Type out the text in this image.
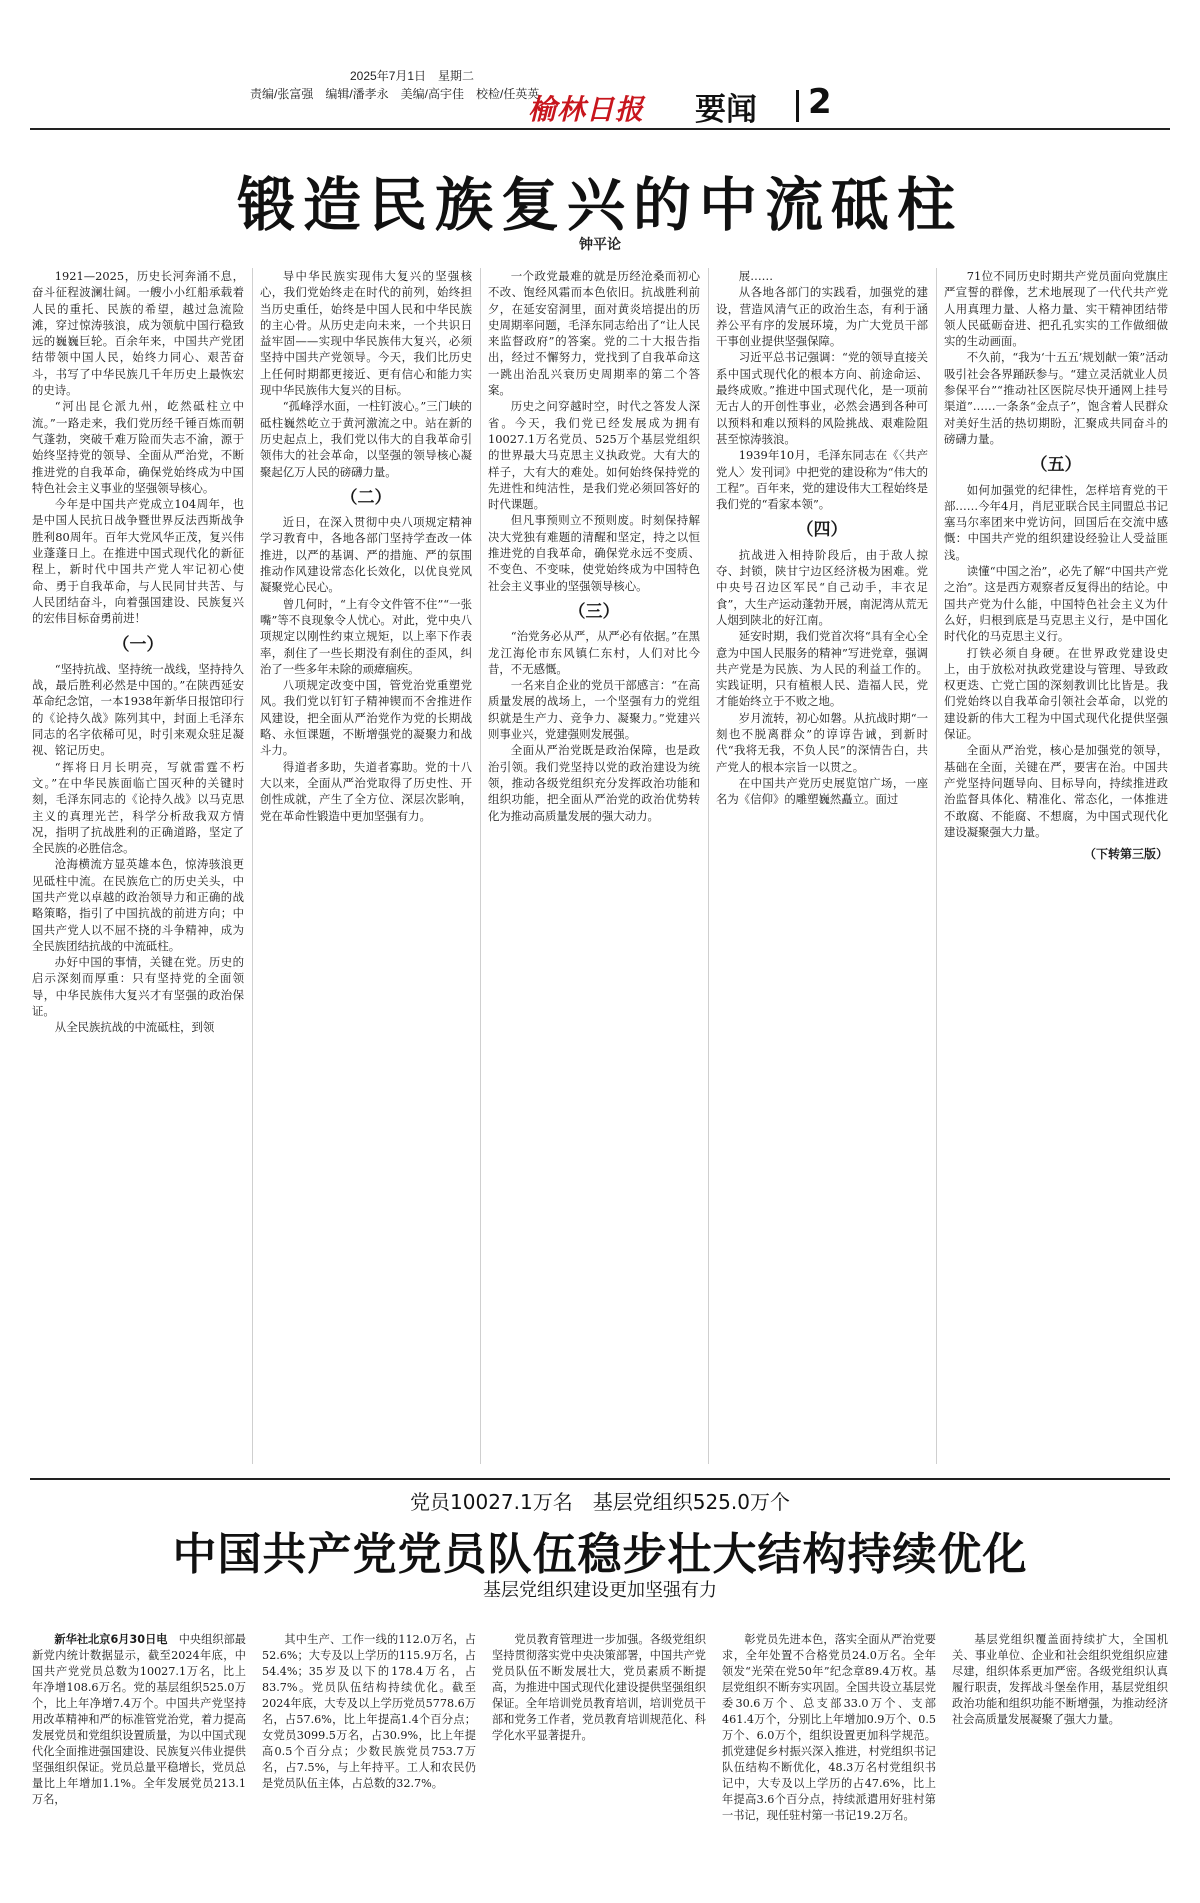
2025年7月1日　星期二
责编/张富强　编辑/潘孝永　美编/高宇佳　校检/任英英
榆林日报 要闻 2
锻造民族复兴的中流砥柱
钟平论

1921—2025，历史长河奔涌不息，奋斗征程波澜壮阔。一艘小小红船承载着人民的重托、民族的希望，越过急流险滩，穿过惊涛骇浪，成为领航中国行稳致远的巍巍巨轮。百余年来，中国共产党团结带领中国人民，始终力同心、艰苦奋斗，书写了中华民族几千年历史上最恢宏的史诗。

“河出昆仑派九州，屹然砥柱立中流。”一路走来，我们党历经千锤百炼而朝气蓬勃，突破千难万险而失志不渝，源于始终坚持党的领导、全面从严治党，不断推进党的自我革命，确保党始终成为中国特色社会主义事业的坚强领导核心。

今年是中国共产党成立104周年，也是中国人民抗日战争暨世界反法西斯战争胜利80周年。百年大党风华正茂，复兴伟业蓬蓬日上。在推进中国式现代化的新征程上，新时代中国共产党人牢记初心使命、勇于自我革命，与人民同甘共苦、与人民团结奋斗，向着强国建设、民族复兴的宏伟目标奋勇前进！

（一）

“坚持抗战、坚持统一战线，坚持持久战，最后胜利必然是中国的。”在陕西延安革命纪念馆，一本1938年新华日报馆印行的《论持久战》陈列其中，封面上毛泽东同志的名字依稀可见，时引来观众驻足凝视、铭记历史。

“挥将日月长明亮，写就雷霆不朽文。”在中华民族面临亡国灭种的关键时刻，毛泽东同志的《论持久战》以马克思主义的真理光芒，科学分析敌我双方情况，指明了抗战胜利的正确道路，坚定了全民族的必胜信念。

沧海横流方显英雄本色，惊涛骇浪更见砥柱中流。在民族危亡的历史关头，中国共产党以卓越的政治领导力和正确的战略策略，指引了中国抗战的前进方向；中国共产党人以不屈不挠的斗争精神，成为全民族团结抗战的中流砥柱。

办好中国的事情，关键在党。历史的启示深刻而厚重：只有坚持党的全面领导，中华民族伟大复兴才有坚强的政治保证。

从全民族抗战的中流砥柱，到领

导中华民族实现伟大复兴的坚强核心，我们党始终走在时代的前列，始终担当历史重任，始终是中国人民和中华民族的主心骨。从历史走向未来，一个共识日益牢固——实现中华民族伟大复兴，必须坚持中国共产党领导。今天，我们比历史上任何时期都更接近、更有信心和能力实现中华民族伟大复兴的目标。

“孤峰浮水面，一柱钉波心。”三门峡的砥柱巍然屹立于黄河激流之中。站在新的历史起点上，我们党以伟大的自我革命引领伟大的社会革命，以坚强的领导核心凝聚起亿万人民的磅礴力量。

（二）

近日，在深入贯彻中央八项规定精神学习教育中，各地各部门坚持学查改一体推进，以严的基调、严的措施、严的氛围推动作风建设常态化长效化，以优良党风凝聚党心民心。

曾几何时，“上有令文件管不住”“一张嘴”等不良现象令人忧心。对此，党中央八项规定以刚性约束立规矩，以上率下作表率，刹住了一些长期没有刹住的歪风，纠治了一些多年未除的顽瘴痼疾。

八项规定改变中国，管党治党重塑党风。我们党以钉钉子精神锲而不舍推进作风建设，把全面从严治党作为党的长期战略、永恒课题，不断增强党的凝聚力和战斗力。

得道者多助，失道者寡助。党的十八大以来，全面从严治党取得了历史性、开创性成就，产生了全方位、深层次影响，党在革命性锻造中更加坚强有力。

一个政党最难的就是历经沧桑而初心不改、饱经风霜而本色依旧。抗战胜利前夕，在延安窑洞里，面对黄炎培提出的历史周期率问题，毛泽东同志给出了“让人民来监督政府”的答案。党的二十大报告指出，经过不懈努力，党找到了自我革命这一跳出治乱兴衰历史周期率的第二个答案。

历史之问穿越时空，时代之答发人深省。今天，我们党已经发展成为拥有10027.1万名党员、525万个基层党组织的世界最大马克思主义执政党。大有大的样子，大有大的难处。如何始终保持党的先进性和纯洁性，是我们党必须回答好的时代课题。

但凡事预则立不预则废。时刻保持解决大党独有难题的清醒和坚定，持之以恒推进党的自我革命，确保党永远不变质、不变色、不变味，使党始终成为中国特色社会主义事业的坚强领导核心。

（三）

“治党务必从严，从严必有依据。”在黑龙江海伦市东风镇仁东村，人们对比今昔，不无感慨。

一名来自企业的党员干部感言：“在高质量发展的战场上，一个坚强有力的党组织就是生产力、竞争力、凝聚力。”党建兴则事业兴，党建强则发展强。

全面从严治党既是政治保障，也是政治引领。我们党坚持以党的政治建设为统领，推动各级党组织充分发挥政治功能和组织功能，把全面从严治党的政治优势转化为推动高质量发展的强大动力。

展……

从各地各部门的实践看，加强党的建设，营造风清气正的政治生态，有利于涵养公平有序的发展环境，为广大党员干部干事创业提供坚强保障。

习近平总书记强调：“党的领导直接关系中国式现代化的根本方向、前途命运、最终成败。”推进中国式现代化，是一项前无古人的开创性事业，必然会遇到各种可以预料和难以预料的风险挑战、艰难险阻甚至惊涛骇浪。

1939年10月，毛泽东同志在《〈共产党人〉发刊词》中把党的建设称为“伟大的工程”。百年来，党的建设伟大工程始终是我们党的“看家本领”。

（四）

抗战进入相持阶段后，由于敌人掠夺、封锁，陕甘宁边区经济极为困难。党中央号召边区军民“自己动手，丰衣足食”，大生产运动蓬勃开展，南泥湾从荒无人烟到陕北的好江南。

延安时期，我们党首次将“具有全心全意为中国人民服务的精神”写进党章，强调共产党是为民族、为人民的利益工作的。实践证明，只有植根人民、造福人民，党才能始终立于不败之地。

岁月流转，初心如磐。从抗战时期“一刻也不脱离群众”的谆谆告诫，到新时代“我将无我，不负人民”的深情告白，共产党人的根本宗旨一以贯之。

在中国共产党历史展览馆广场，一座名为《信仰》的雕塑巍然矗立。面过

71位不同历史时期共产党员面向党旗庄严宣誓的群像，艺术地展现了一代代共产党人用真理力量、人格力量、实干精神团结带领人民砥砺奋进、把孔孔实实的工作做细做实的生动画面。

不久前，“我为‘十五五’规划献一策”活动吸引社会各界踊跃参与。“建立灵活就业人员参保平台”“推动社区医院尽快开通网上挂号渠道”……一条条“金点子”，饱含着人民群众对美好生活的热切期盼，汇聚成共同奋斗的磅礴力量。

（五）

如何加强党的纪律性，怎样培育党的干部……今年4月，肖尼亚联合民主同盟总书记塞马尔率团来中党访问，回国后在交流中感慨：中国共产党的组织建设经验让人受益匪浅。

读懂“中国之治”，必先了解“中国共产党之治”。这是西方观察者反复得出的结论。中国共产党为什么能，中国特色社会主义为什么好，归根到底是马克思主义行，是中国化时代化的马克思主义行。

打铁必须自身硬。在世界政党建设史上，由于放松对执政党建设与管理、导致政权更迭、亡党亡国的深刻教训比比皆是。我们党始终以自我革命引领社会革命，以党的建设新的伟大工程为中国式现代化提供坚强保证。

全面从严治党，核心是加强党的领导，基础在全面，关键在严，要害在治。中国共产党坚持问题导向、目标导向，持续推进政治监督具体化、精准化、常态化，一体推进不敢腐、不能腐、不想腐，为中国式现代化建设凝聚强大力量。

（下转第三版）
党员10027.1万名　基层党组织525.0万个
中国共产党党员队伍稳步壮大结构持续优化
基层党组织建设更加坚强有力

新华社北京6月30日电　 中央组织部最新党内统计数据显示，截至2024年底，中国共产党党员总数为10027.1万名，比上年净增108.6万名。党的基层组织525.0万个，比上年净增7.4万个。中国共产党坚持用改革精神和严的标准管党治党，着力提高发展党员和党组织设置质量，为以中国式现代化全面推进强国建设、民族复兴伟业提供坚强组织保证。党员总量平稳增长，党员总量比上年增加1.1%。全年发展党员213.1万名，

其中生产、工作一线的112.0万名，占52.6%；大专及以上学历的115.9万名，占54.4%；35岁及以下的178.4万名，占83.7%。党员队伍结构持续优化。截至2024年底，大专及以上学历党员5778.6万名，占57.6%，比上年提高1.4个百分点；女党员3099.5万名，占30.9%，比上年提高0.5个百分点；少数民族党员753.7万名，占7.5%，与上年持平。工人和农民仍是党员队伍主体，占总数的32.7%。

党员教育管理进一步加强。各级党组织坚持贯彻落实党中央决策部署，中国共产党党员队伍不断发展壮大，党员素质不断提高，为推进中国式现代化建设提供坚强组织保证。全年培训党员教育培训，培训党员干部和党务工作者，党员教育培训规范化、科学化水平显著提升。

彰党员先进本色，落实全面从严治党要求，全年处置不合格党员24.0万名。全年领发“光荣在党50年”纪念章89.4万枚。基层党组织不断夯实巩固。全国共设立基层党委30.6万个、总支部33.0万个、支部461.4万个，分别比上年增加0.9万个、0.5万个、6.0万个，组织设置更加科学规范。抓党建促乡村振兴深入推进，村党组织书记队伍结构不断优化，48.3万名村党组织书记中，大专及以上学历的占47.6%，比上年提高3.6个百分点，持续派遣用好驻村第一书记，现任驻村第一书记19.2万名。

基层党组织覆盖面持续扩大，全国机关、事业单位、企业和社会组织党组织应建尽建，组织体系更加严密。各级党组织认真履行职责，发挥战斗堡垒作用，基层党组织政治功能和组织功能不断增强，为推动经济社会高质量发展凝聚了强大力量。
